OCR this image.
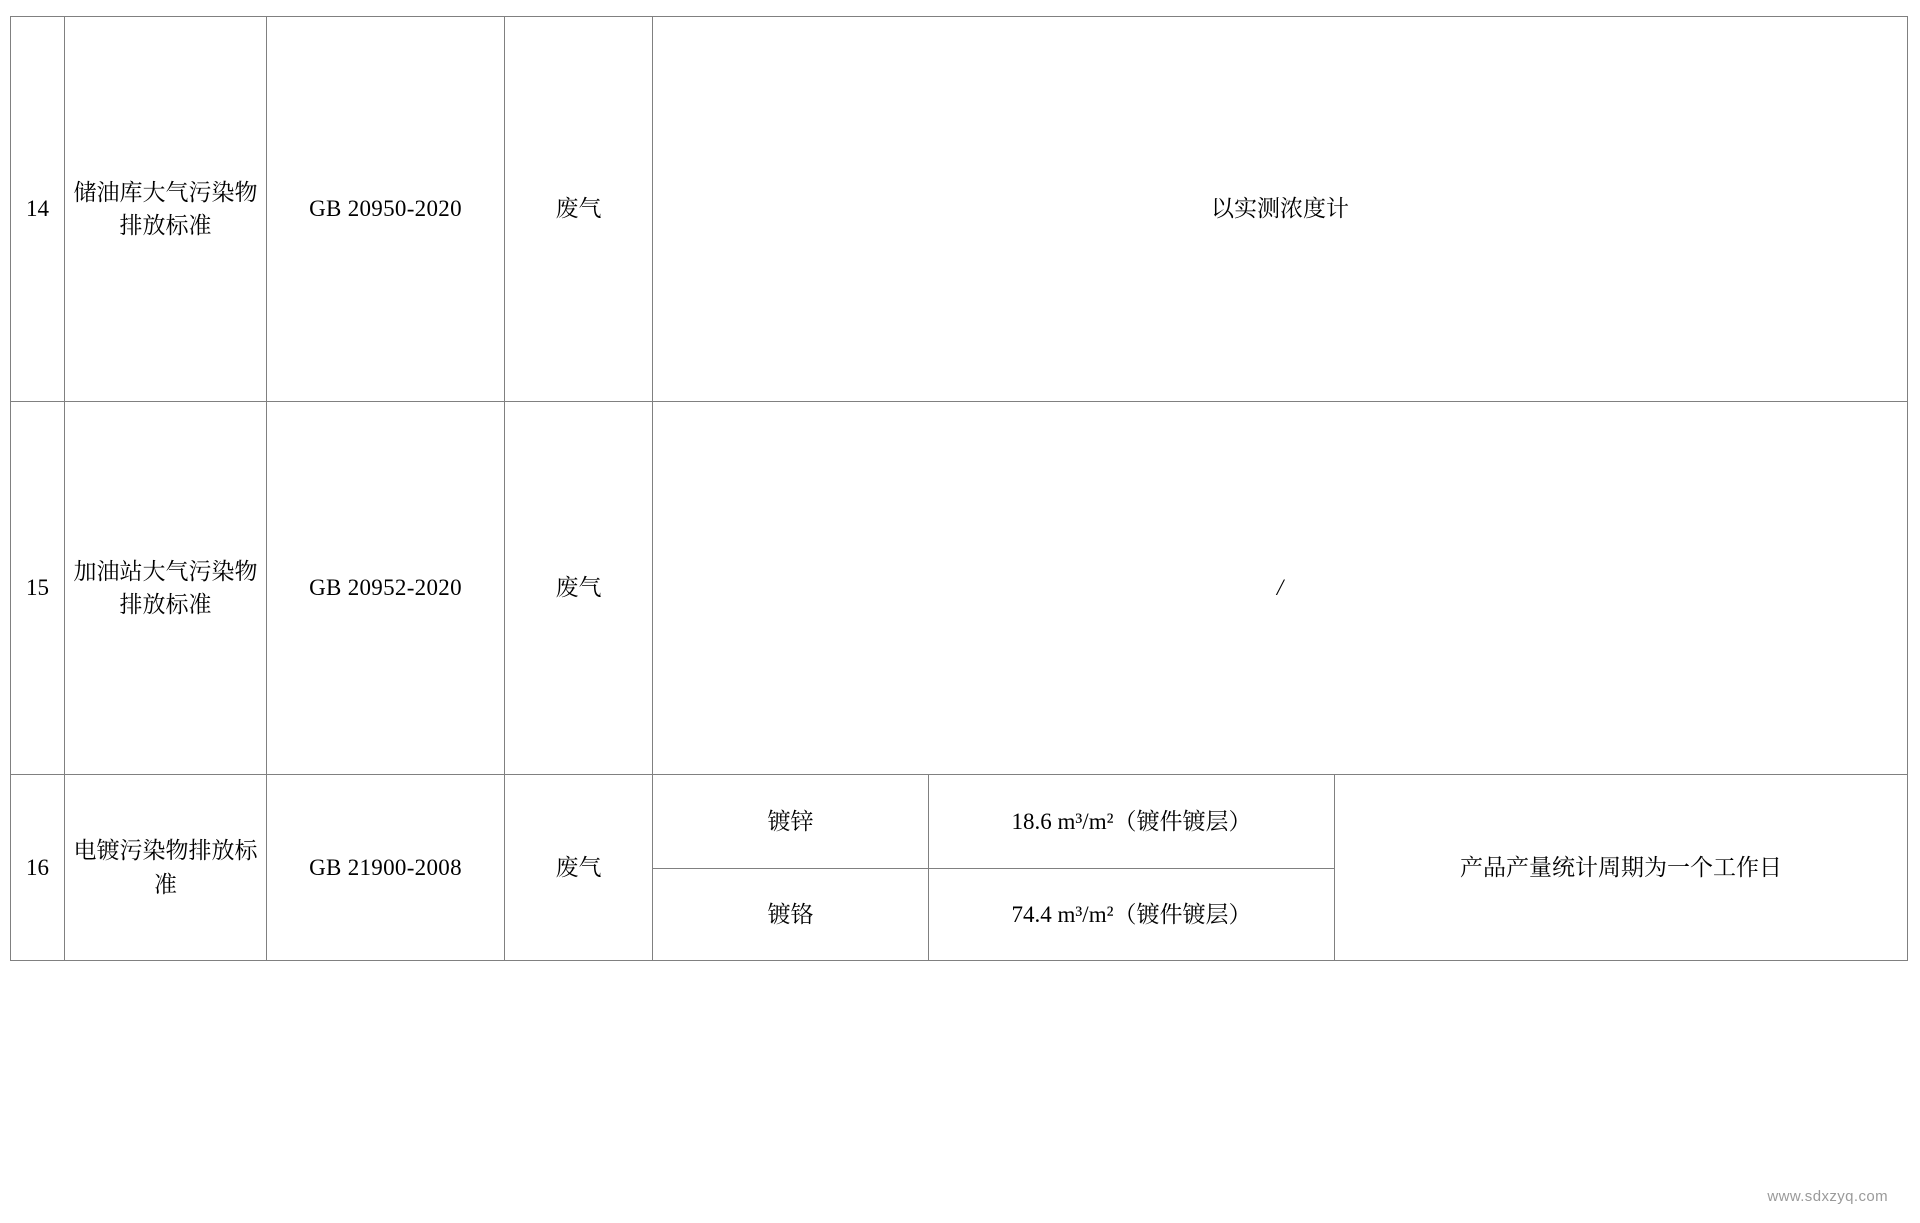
14	储油库大气污染物排放标准	GB 20950-2020	废气	以实测浓度计		
15	加油站大气污染物排放标准	GB 20952-2020	废气	/		
16	电镀污染物排放标准	GB 21900-2008	废气	镀锌	18.6 m³/m²（镀件镀层）	产品产量统计周期为一个工作日
				镀铬	74.4 m³/m²（镀件镀层）	
www.sdxzyq.com
